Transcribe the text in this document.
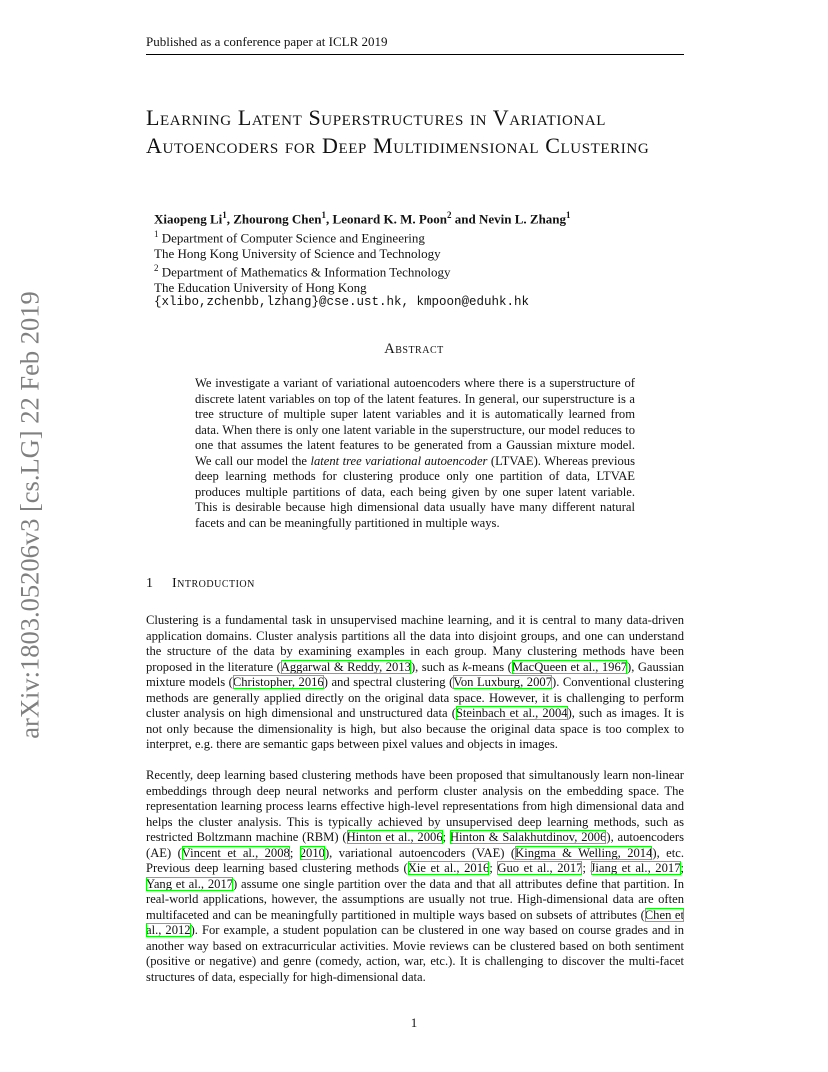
Published as a conference paper at ICLR 2019
arXiv:1803.05206v3 [cs.LG] 22 Feb 2019
Learning Latent Superstructures in Variational Autoencoders for Deep Multidimensional Clustering
Xiaopeng Li$^1$, Zhourong Chen$^1$, Leonard K. M. Poon$^2$ and Nevin L. Zhang$^1$
$^1$ Department of Computer Science and Engineering
The Hong Kong University of Science and Technology
$^2$ Department of Mathematics & Information Technology
The Education University of Hong Kong
{xlibo,zchenbb,lzhang}@cse.ust.hk, kmpoon@eduhk.hk
Abstract
We investigate a variant of variational autoencoders where there is a superstructure of discrete latent variables on top of the latent features. In general, our superstructure is a tree structure of multiple super latent variables and it is automatically learned from data. When there is only one latent variable in the superstructure, our model reduces to one that assumes the latent features to be generated from a Gaussian mixture model. We call our model the latent tree variational autoencoder (LTVAE). Whereas previous deep learning methods for clustering produce only one partition of data, LTVAE produces multiple partitions of data, each being given by one super latent variable. This is desirable because high dimensional data usually have many different natural facets and can be meaningfully partitioned in multiple ways.
1 Introduction
Clustering is a fundamental task in unsupervised machine learning, and it is central to many data-driven application domains. Cluster analysis partitions all the data into disjoint groups, and one can understand the structure of the data by examining examples in each group. Many clustering methods have been proposed in the literature (Aggarwal & Reddy, 2013), such as k-means (MacQueen et al., 1967), Gaussian mixture models (Christopher, 2016) and spectral clustering (Von Luxburg, 2007). Conventional clustering methods are generally applied directly on the original data space. However, it is challenging to perform cluster analysis on high dimensional and unstructured data (Steinbach et al., 2004), such as images. It is not only because the dimensionality is high, but also because the original data space is too complex to interpret, e.g. there are semantic gaps between pixel values and objects in images.
Recently, deep learning based clustering methods have been proposed that simultanously learn non-linear embeddings through deep neural networks and perform cluster analysis on the embedding space. The representation learning process learns effective high-level representations from high dimensional data and helps the cluster analysis. This is typically achieved by unsupervised deep learning methods, such as restricted Boltzmann machine (RBM) (Hinton et al., 2006; Hinton & Salakhutdinov, 2006), autoencoders (AE) (Vincent et al., 2008; 2010), variational autoencoders (VAE) (Kingma & Welling, 2014), etc. Previous deep learning based clustering methods (Xie et al., 2016; Guo et al., 2017; Jiang et al., 2017; Yang et al., 2017) assume one single partition over the data and that all attributes define that partition. In real-world applications, however, the assumptions are usually not true. High-dimensional data are often multifaceted and can be meaningfully partitioned in multiple ways based on subsets of attributes (Chen et al., 2012). For example, a student population can be clustered in one way based on course grades and in another way based on extracurricular activities. Movie reviews can be clustered based on both sentiment (positive or negative) and genre (comedy, action, war, etc.). It is challenging to discover the multi-facet structures of data, especially for high-dimensional data.
1
